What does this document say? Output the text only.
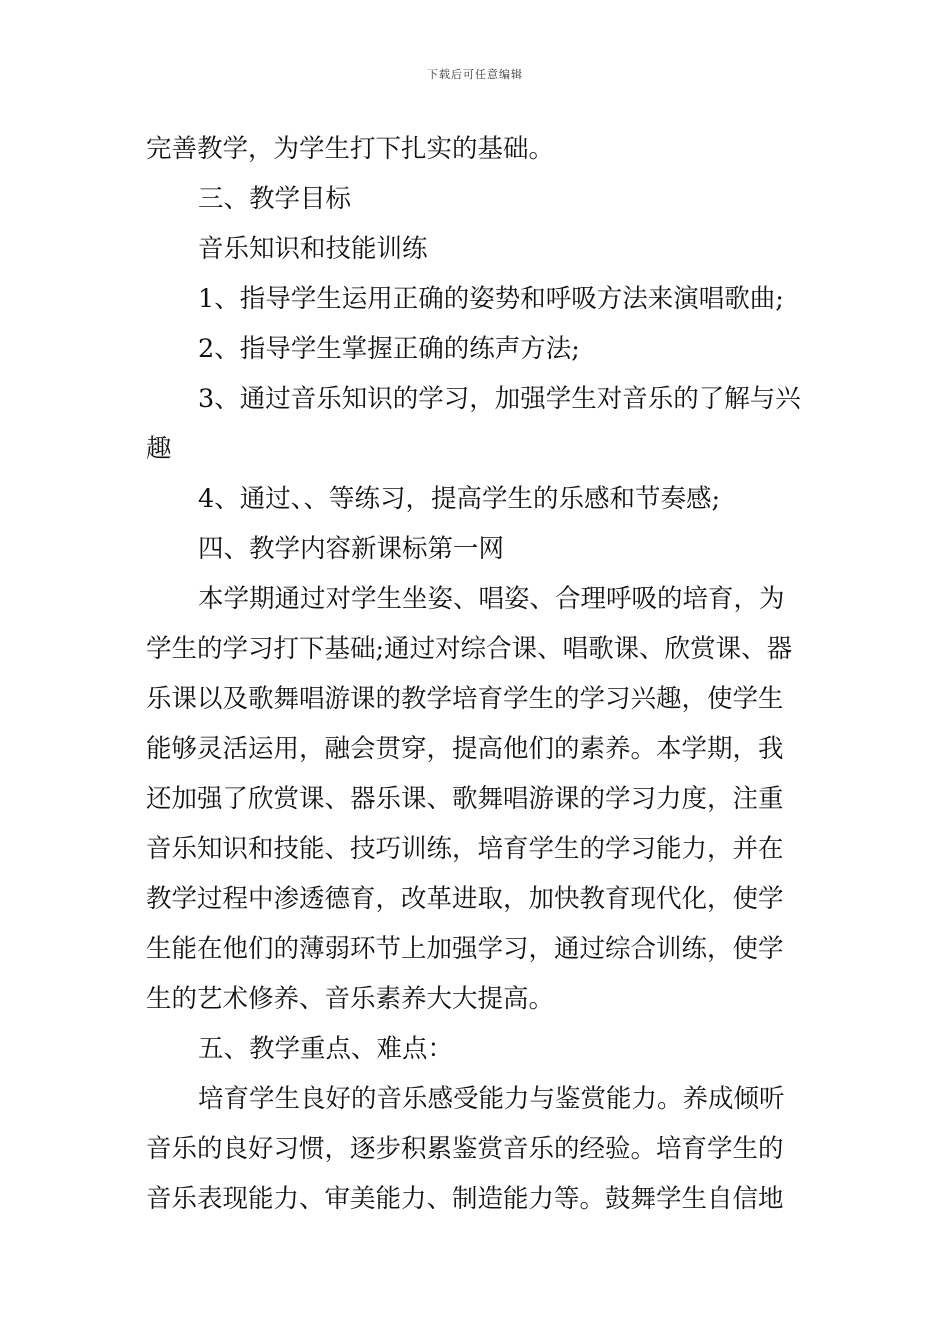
下载后可任意编辑
完善教学，为学生打下扎实的基础。
三、教学目标
音乐知识和技能训练
1、指导学生运用正确的姿势和呼吸方法来演唱歌曲;
2、指导学生掌握正确的练声方法;
3、通过音乐知识的学习，加强学生对音乐的了解与兴
趣
4、通过、、等练习，提高学生的乐感和节奏感;
四、教学内容新课标第一网
本学期通过对学生坐姿、唱姿、合理呼吸的培育，为
学生的学习打下基础;通过对综合课、唱歌课、欣赏课、器
乐课以及歌舞唱游课的教学培育学生的学习兴趣，使学生
能够灵活运用，融会贯穿，提高他们的素养。本学期，我
还加强了欣赏课、器乐课、歌舞唱游课的学习力度，注重
音乐知识和技能、技巧训练，培育学生的学习能力，并在
教学过程中渗透德育，改革进取，加快教育现代化，使学
生能在他们的薄弱环节上加强学习，通过综合训练，使学
生的艺术修养、音乐素养大大提高。
五、教学重点、难点：
培育学生良好的音乐感受能力与鉴赏能力。养成倾听
音乐的良好习惯，逐步积累鉴赏音乐的经验。培育学生的
音乐表现能力、审美能力、制造能力等。鼓舞学生自信地
